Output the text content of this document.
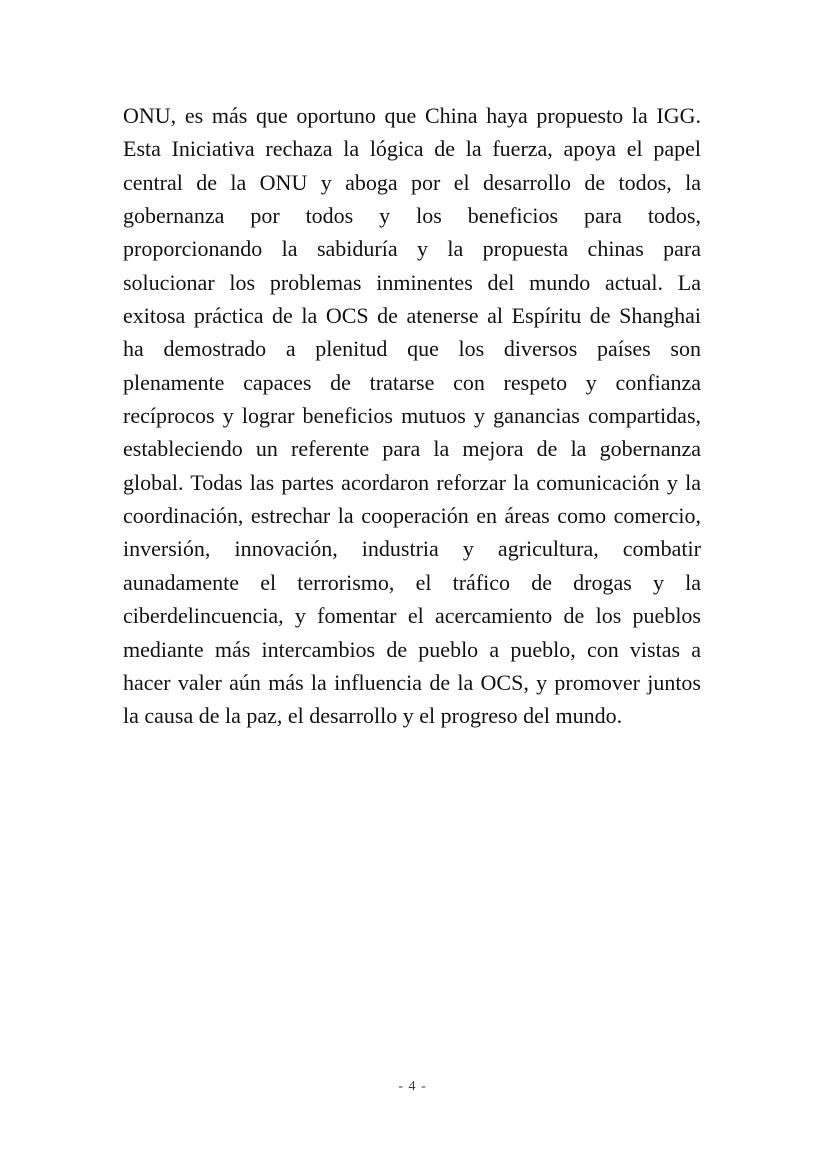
ONU, es más que oportuno que China haya propuesto la IGG.
Esta Iniciativa rechaza la lógica de la fuerza, apoya el papel
central de la ONU y aboga por el desarrollo de todos, la
gobernanza por todos y los beneficios para todos,
proporcionando la sabiduría y la propuesta chinas para
solucionar los problemas inminentes del mundo actual. La
exitosa práctica de la OCS de atenerse al Espíritu de Shanghai
ha demostrado a plenitud que los diversos países son
plenamente capaces de tratarse con respeto y confianza
recíprocos y lograr beneficios mutuos y ganancias compartidas,
estableciendo un referente para la mejora de la gobernanza
global. Todas las partes acordaron reforzar la comunicación y la
coordinación, estrechar la cooperación en áreas como comercio,
inversión, innovación, industria y agricultura, combatir
aunadamente el terrorismo, el tráfico de drogas y la
ciberdelincuencia, y fomentar el acercamiento de los pueblos
mediante más intercambios de pueblo a pueblo, con vistas a
hacer valer aún más la influencia de la OCS, y promover juntos
la causa de la paz, el desarrollo y el progreso del mundo.
- 4 -
